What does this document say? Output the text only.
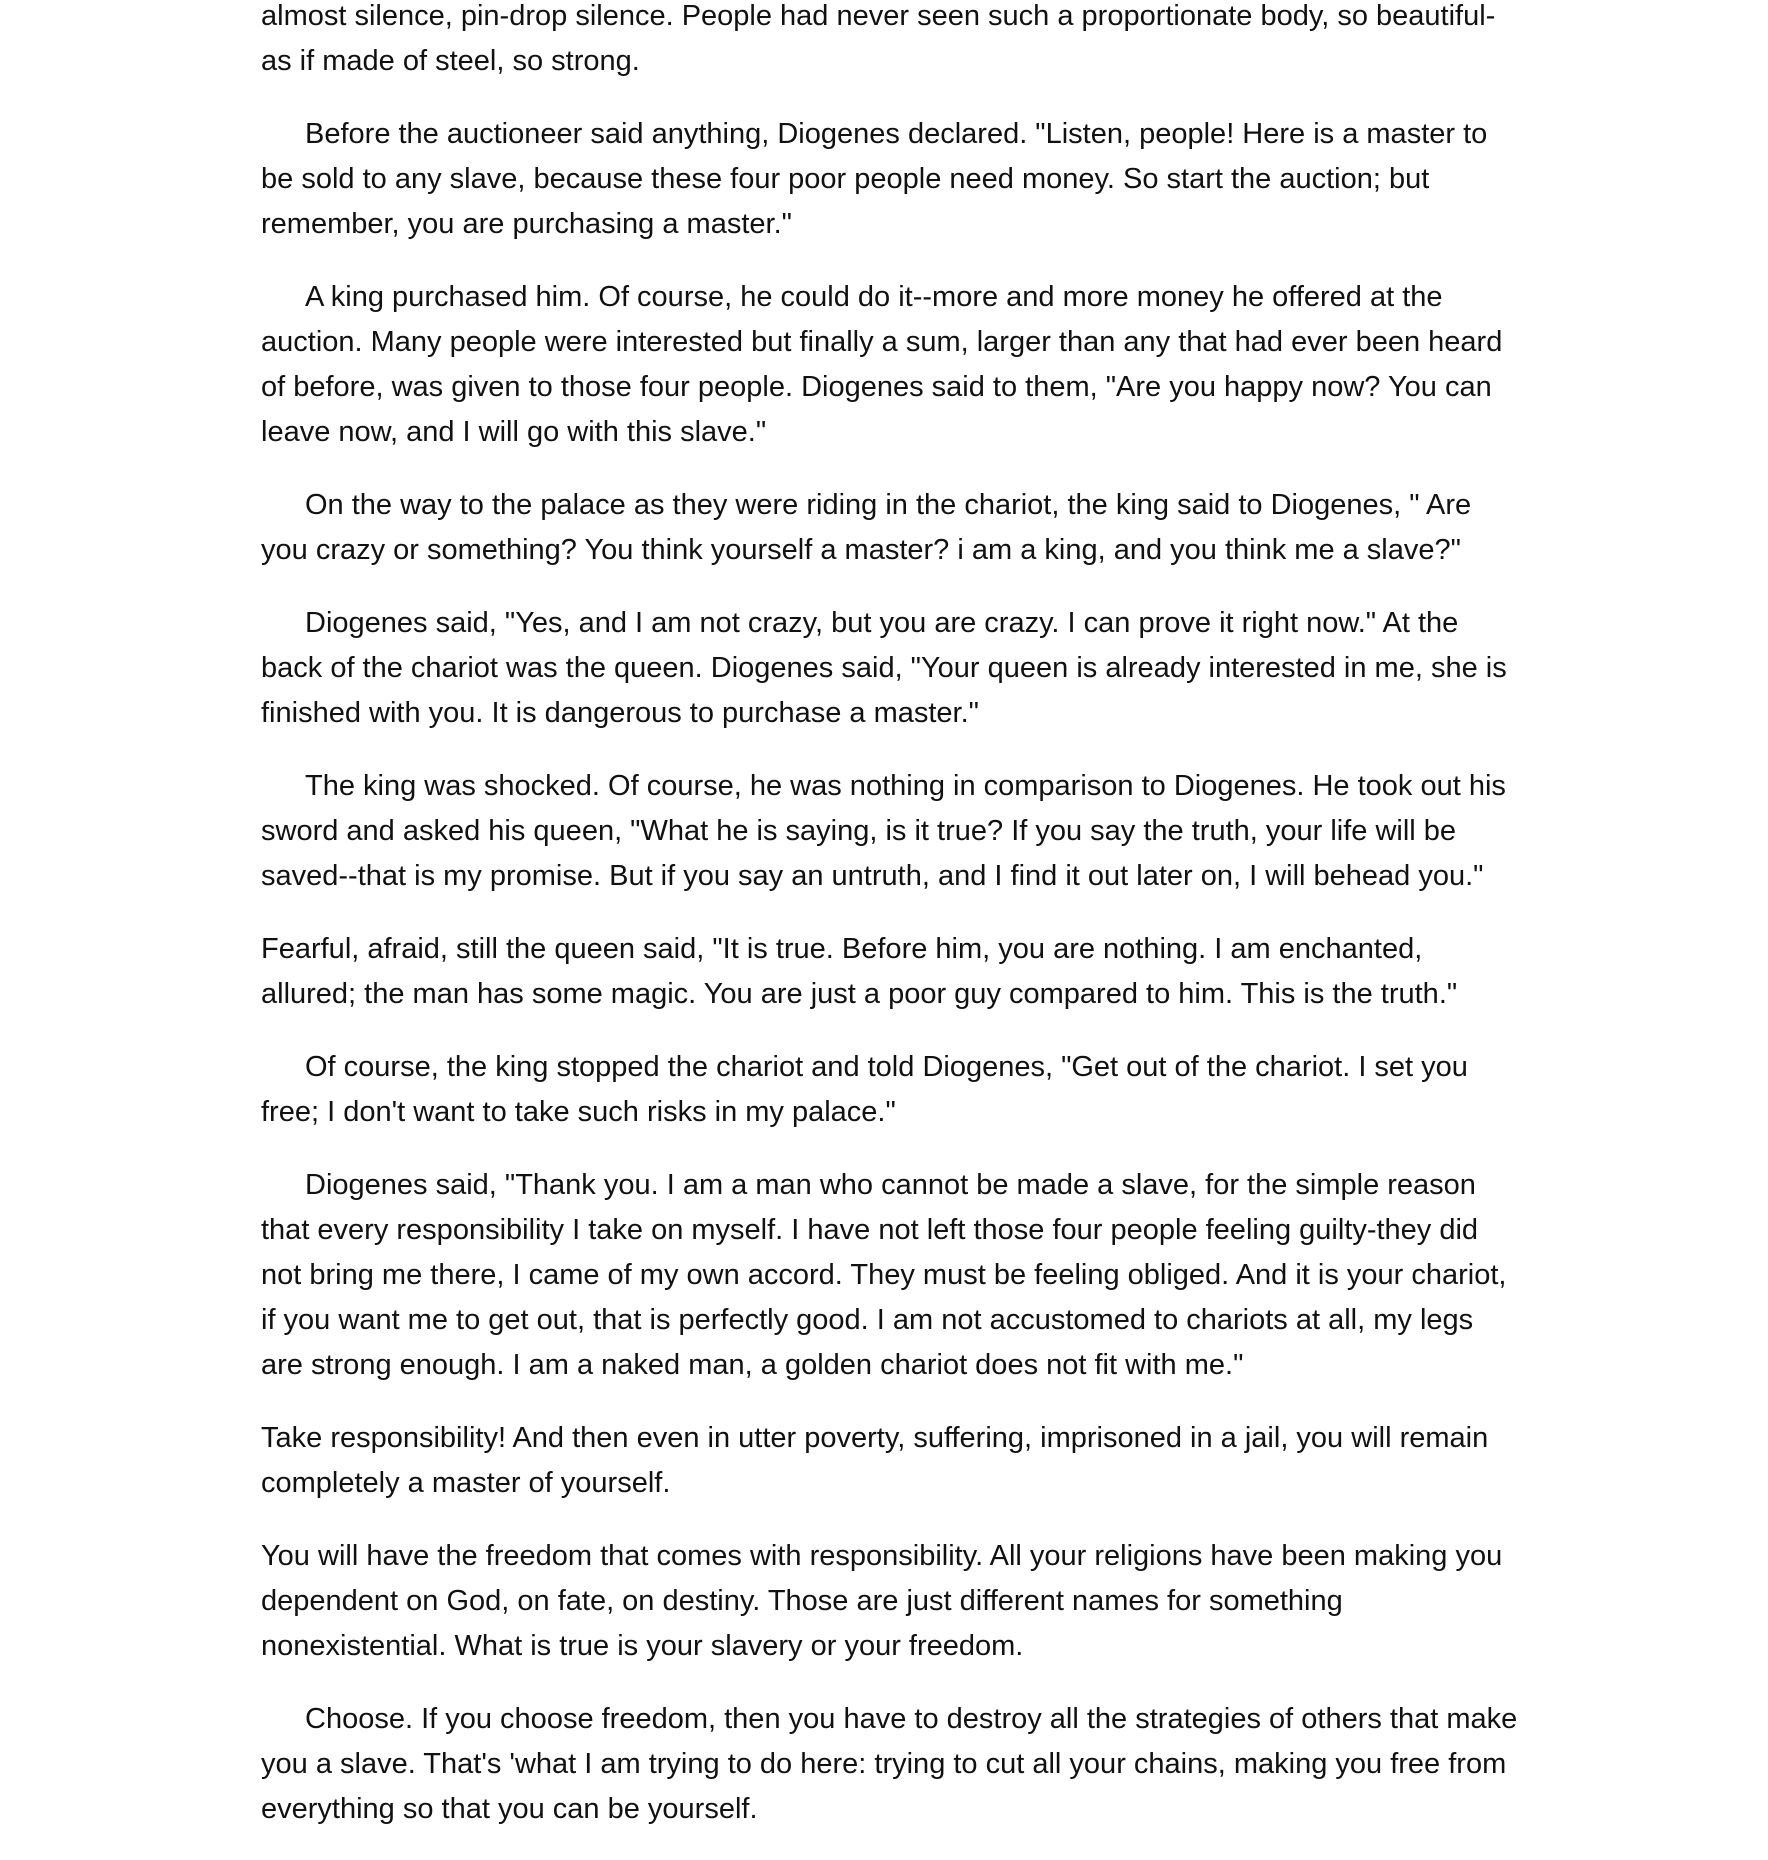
almost silence, pin-drop silence. People had never seen such a proportionate body, so beautiful- as if made of steel, so strong.

Before the auctioneer said anything, Diogenes declared. "Listen, people! Here is a master to be sold to any slave, because these four poor people need money. So start the auction; but remember, you are purchasing a master."

A king purchased him. Of course, he could do it--more and more money he offered at the auction. Many people were interested but finally a sum, larger than any that had ever been heard of before, was given to those four people. Diogenes said to them, "Are you happy now? You can leave now, and I will go with this slave."

On the way to the palace as they were riding in the chariot, the king said to Diogenes, " Are you crazy or something? You think yourself a master? i am a king, and you think me a slave?"

Diogenes said, "Yes, and I am not crazy, but you are crazy. I can prove it right now." At the back of the chariot was the queen. Diogenes said, "Your queen is already interested in me, she is finished with you. It is dangerous to purchase a master."

The king was shocked. Of course, he was nothing in comparison to Diogenes. He took out his sword and asked his queen, "What he is saying, is it true? If you say the truth, your life will be saved--that is my promise. But if you say an untruth, and I find it out later on, I will behead you."

Fearful, afraid, still the queen said, "It is true. Before him, you are nothing. I am enchanted, allured; the man has some magic. You are just a poor guy compared to him. This is the truth."

Of course, the king stopped the chariot and told Diogenes, "Get out of the chariot. I set you free; I don't want to take such risks in my palace."

Diogenes said, "Thank you. I am a man who cannot be made a slave, for the simple reason that every responsibility I take on myself. I have not left those four people feeling guilty-they did not bring me there, I came of my own accord. They must be feeling obliged. And it is your chariot, if you want me to get out, that is perfectly good. I am not accustomed to chariots at all, my legs are strong enough. I am a naked man, a golden chariot does not fit with me."

Take responsibility! And then even in utter poverty, suffering, imprisoned in a jail, you will remain completely a master of yourself.

You will have the freedom that comes with responsibility. All your religions have been making you dependent on God, on fate, on destiny. Those are just different names for something nonexistential. What is true is your slavery or your freedom.

Choose. If you choose freedom, then you have to destroy all the strategies of others that make you a slave. That's 'what I am trying to do here: trying to cut all your chains, making you free from everything so that you can be yourself.
